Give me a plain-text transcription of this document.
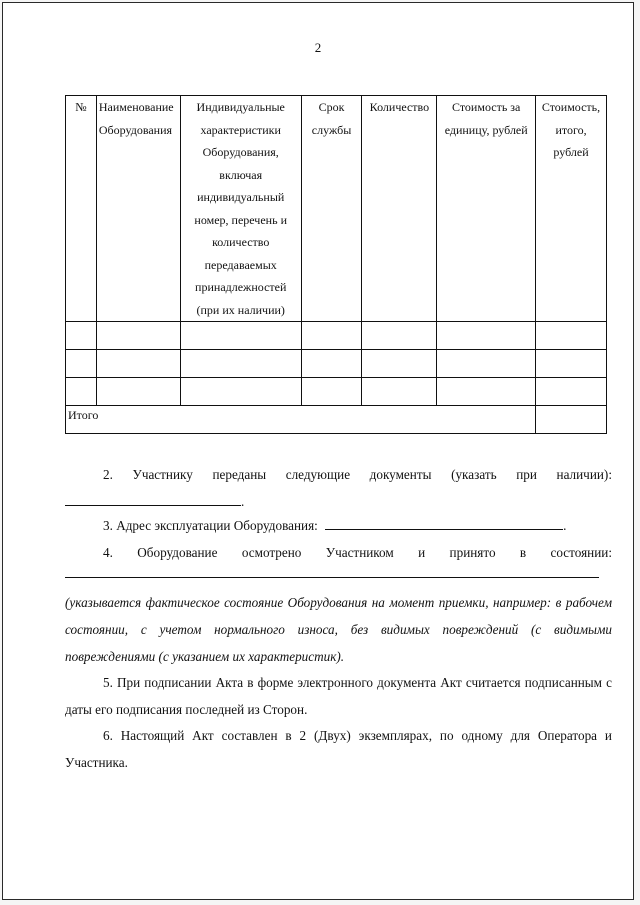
2
№	Наименование Оборудования	Индивидуальные характеристики Оборудования, включая индивидуальный номер, перечень и количество передаваемых принадлежностей (при их наличии)	Срок службы	Количество	Стоимость за единицу, рублей	Стоимость, итого, рублей

Итого						
2. Участнику переданы следующие документы (указать при наличии):
.
3. Адрес эксплуатации Оборудования:	.
4. Оборудование осмотрено Участником и принято в состоянии:
(указывается фактическое состояние Оборудования на момент приемки, например: в рабочем состоянии, с учетом нормального износа, без видимых повреждений (с видимыми повреждениями (с указанием их характеристик).
5. При подписании Акта в форме электронного документа Акт считается подписанным с даты его подписания последней из Сторон.
6. Настоящий Акт составлен в 2 (Двух) экземплярах, по одному для Оператора и Участника.
